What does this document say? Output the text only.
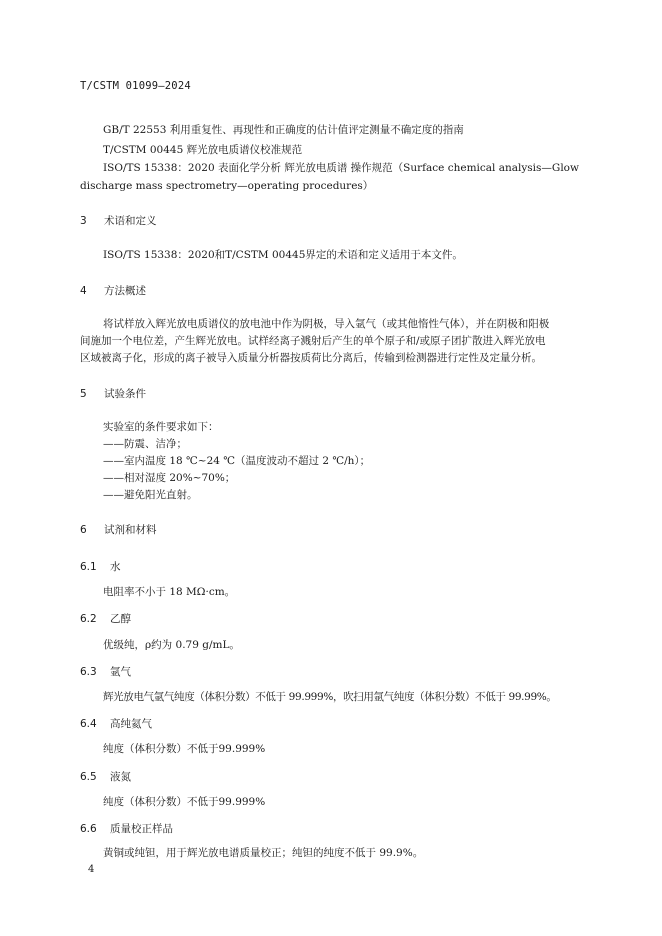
T/CSTM 01099—2024
GB/T 22553 利用重复性、再现性和正确度的估计值评定测量不确定度的指南
T/CSTM 00445 辉光放电质谱仪校准规范
ISO/TS 15338：2020 表面化学分析 辉光放电质谱 操作规范（Surface chemical analysis—Glow
discharge mass spectrometry—operating procedures）
3 术语和定义
ISO/TS 15338：2020和T/CSTM 00445界定的术语和定义适用于本文件。
4 方法概述
将试样放入辉光放电质谱仪的放电池中作为阴极，导入氩气（或其他惰性气体），并在阴极和阳极
间施加一个电位差，产生辉光放电。试样经离子溅射后产生的单个原子和/或原子团扩散进入辉光放电
区域被离子化，形成的离子被导入质量分析器按质荷比分离后，传输到检测器进行定性及定量分析。
5 试验条件
实验室的条件要求如下：
——防震、洁净；
——室内温度 18 ℃~24 ℃（温度波动不超过 2 ℃/h）；
——相对湿度 20%~70%；
——避免阳光直射。
6 试剂和材料
6.1 水
电阻率不小于 18 MΩ·cm。
6.2 乙醇
优级纯，ρ约为 0.79 g/mL。
6.3 氩气
辉光放电气氩气纯度（体积分数）不低于 99.999%，吹扫用氩气纯度（体积分数）不低于 99.99%。
6.4 高纯氦气
纯度（体积分数）不低于99.999%
6.5 液氮
纯度（体积分数）不低于99.999%
6.6 质量校正样品
黄铜或纯钽，用于辉光放电谱质量校正；纯钽的纯度不低于 99.9%。
4
